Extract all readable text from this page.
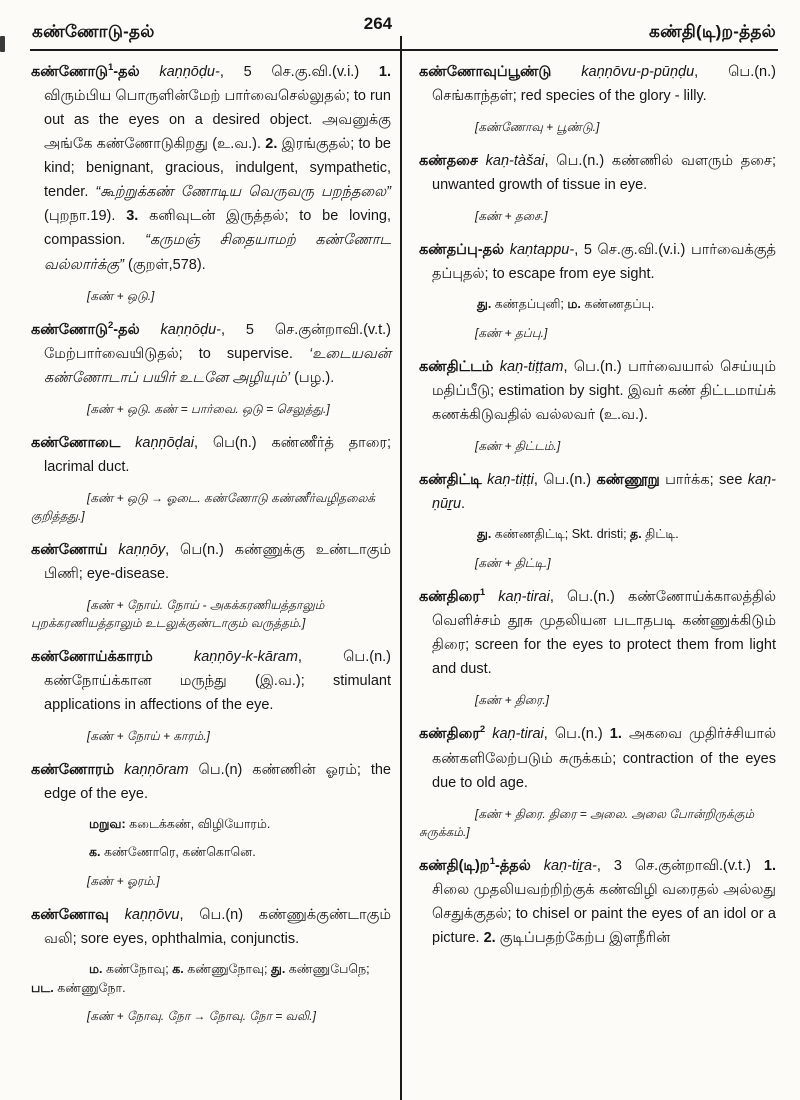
கண்ணோடு-தல்	264	கண்தி(டி)ற-த்தல்

கண்ணோடு$^1$-தல் kaṇṇōḍu-, 5 செ.கு.வி.(v.i.) 1. விரும்பிய பொருளின்மேற் பார்வைசெல்லுதல்; to run out as the eyes on a desired object. அவனுக்கு அங்கே கண்ணோடுகிறது (உ.வ.). 2. இரங்குதல்; to be kind; benignant, gracious, indulgent, sympathetic, tender. “கூற்றுக்கண் ணோடிய வெருவரு பறந்தலை” (புறநா.19). 3. கனிவுடன் இருத்தல்; to be loving, compassion. “கருமஞ் சிதையாமற் கண்ணோட வல்லார்க்கு” (குறள்,578).

[கண் + ஒடு.]

கண்ணோடு$^2$-தல் kaṇṇōḍu-, 5 செ.குன்றாவி.(v.t.) மேற்பார்வையிடுதல்; to supervise. ‘உடையவன் கண்ணோடாப் பயிர் உடனே அழியும்’ (பழ.).

[கண் + ஒடு. கண் = பார்வை. ஒடு = செலுத்து.]

கண்ணோடை kaṇṇōḍai, பெ(n.) கண்ணீர்த் தாரை; lacrimal duct.

[கண் + ஒடு → ஓடை. கண்ணோடு கண்ணீர்வழிதலைக் குறித்தது.]

கண்ணோய் kaṇṇōy, பெ(n.) கண்ணுக்கு உண்டாகும் பிணி; eye-disease.

[கண் + நோய். நோய் - அகக்கரணியத்தாலும் புறக்கரணியத்தாலும் உடலுக்குண்டாகும் வருத்தம்.]

கண்ணோய்க்காரம் kaṇṇōy-k-kāram, பெ.(n.) கண்நோய்க்கான மருந்து (இ.வ.); stimulant applications in affections of the eye.

[கண் + நோய் + காரம்.]

கண்ணோரம் kaṇṇōram பெ.(n) கண்ணின் ஓரம்; the edge of the eye.

மறுவ: கடைக்கண், விழியோரம்.

க. கண்ணோரெ, கண்கொனெ.

[கண் + ஓரம்.]

கண்ணோவு kaṇṇōvu, பெ.(n) கண்ணுக்குண்டாகும் வலி; sore eyes, ophthalmia, conjunctis.

ம. கண்நோவு; க. கண்ணுநோவு; து. கண்ணுபேநெ; பட. கண்ணுநோ.

[கண் + நோவு. நோ → நோவு. நோ = வலி.]

கண்ணோவுப்பூண்டு kaṇṇōvu-p-pūṇḍu, பெ.(n.) செங்காந்தள்; red species of the glory - lilly.

[கண்ணோவு + பூண்டு.]

கண்தசை kaṇ-tàšai, பெ.(n.) கண்ணில் வளரும் தசை; unwanted growth of tissue in eye.

[கண் + தசை.]

கண்தப்பு-தல் kaṇtappu-, 5 செ.கு.வி.(v.i.) பார்வைக்குத் தப்புதல்; to escape from eye sight.

து. கண்தப்புனி; ம. கண்ணதப்பு.

[கண் + தப்பு.]

கண்திட்டம் kaṇ-tiṭṭam, பெ.(n.) பார்வையால் செய்யும் மதிப்பீடு; estimation by sight. இவர் கண் திட்டமாய்க் கணக்கிடுவதில் வல்லவர் (உ.வ.).

[கண் + திட்டம்.]

கண்திட்டி kaṇ-tiṭṭi, பெ.(n.) கண்ணூறு பார்க்க; see kaṇ-ṇūṟu.

து. கண்ணதிட்டி; Skt. dristi; த. திட்டி.

[கண் + திட்டி.]

கண்திரை$^1$ kaṇ-tirai, பெ.(n.) கண்ணோய்க்காலத்தில் வெளிச்சம் தூசு முதலியன படாதபடி கண்ணுக்கிடும் திரை; screen for the eyes to protect them from light and dust.

[கண் + திரை.]

கண்திரை$^2$ kaṇ-tirai, பெ.(n.) 1. அகவை முதிர்ச்சியால் கண்களிலேற்படும் சுருக்கம்; contraction of the eyes due to old age.

[கண் + திரை. திரை = அலை. அலை போன்றிருக்கும் சுருக்கம்.]

கண்தி(டி)ற$^1$-த்தல் kaṇ-tiṟa-, 3 செ.குன்றாவி.(v.t.) 1. சிலை முதலியவற்றிற்குக் கண்விழி வரைதல் அல்லது செதுக்குதல்; to chisel or paint the eyes of an idol or a picture. 2. குடிப்பதற்கேற்ப இளநீரின்
